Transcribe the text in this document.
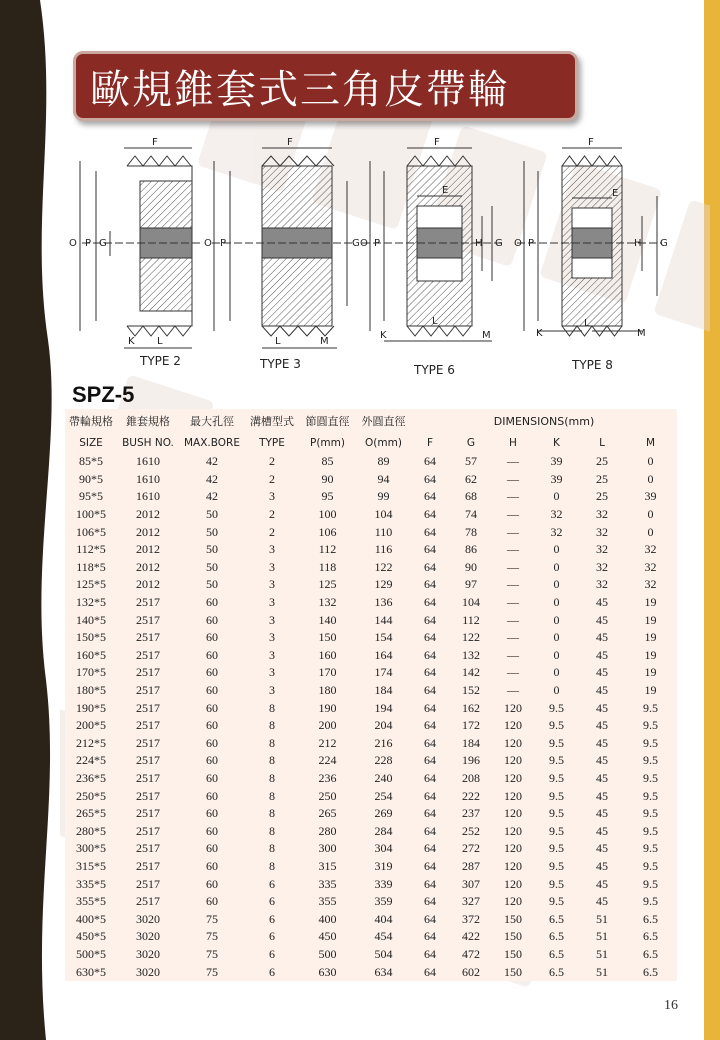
歐規錐套式三角皮帶輪
F
O P G
K L
F
O P	G
L	M
F
E
O P	H G
K
L
M
F
E
O P	H G
K
L
M
TYPE 2	TYPE 3	TYPE 6	TYPE 8
SPZ-5
帶輪規格	錐套規格	最大孔徑	溝槽型式	節圓直徑	外圓直徑	DIMENSIONS(mm)					
SIZE	BUSH NO.	MAX.BORE	TYPE	P(mm)	O(mm)	F	G	H	K	L	M
85*5	1610	42	2	85	89	64	57	—	39	25	0
90*5	1610	42	2	90	94	64	62	—	39	25	0
95*5	1610	42	3	95	99	64	68	—	0	25	39
100*5	2012	50	2	100	104	64	74	—	32	32	0
106*5	2012	50	2	106	110	64	78	—	32	32	0
112*5	2012	50	3	112	116	64	86	—	0	32	32
118*5	2012	50	3	118	122	64	90	—	0	32	32
125*5	2012	50	3	125	129	64	97	—	0	32	32
132*5	2517	60	3	132	136	64	104	—	0	45	19
140*5	2517	60	3	140	144	64	112	—	0	45	19
150*5	2517	60	3	150	154	64	122	—	0	45	19
160*5	2517	60	3	160	164	64	132	—	0	45	19
170*5	2517	60	3	170	174	64	142	—	0	45	19
180*5	2517	60	3	180	184	64	152	—	0	45	19
190*5	2517	60	8	190	194	64	162	120	9.5	45	9.5
200*5	2517	60	8	200	204	64	172	120	9.5	45	9.5
212*5	2517	60	8	212	216	64	184	120	9.5	45	9.5
224*5	2517	60	8	224	228	64	196	120	9.5	45	9.5
236*5	2517	60	8	236	240	64	208	120	9.5	45	9.5
250*5	2517	60	8	250	254	64	222	120	9.5	45	9.5
265*5	2517	60	8	265	269	64	237	120	9.5	45	9.5
280*5	2517	60	8	280	284	64	252	120	9.5	45	9.5
300*5	2517	60	8	300	304	64	272	120	9.5	45	9.5
315*5	2517	60	8	315	319	64	287	120	9.5	45	9.5
335*5	2517	60	6	335	339	64	307	120	9.5	45	9.5
355*5	2517	60	6	355	359	64	327	120	9.5	45	9.5
400*5	3020	75	6	400	404	64	372	150	6.5	51	6.5
450*5	3020	75	6	450	454	64	422	150	6.5	51	6.5
500*5	3020	75	6	500	504	64	472	150	6.5	51	6.5
630*5	3020	75	6	630	634	64	602	150	6.5	51	6.5
16
